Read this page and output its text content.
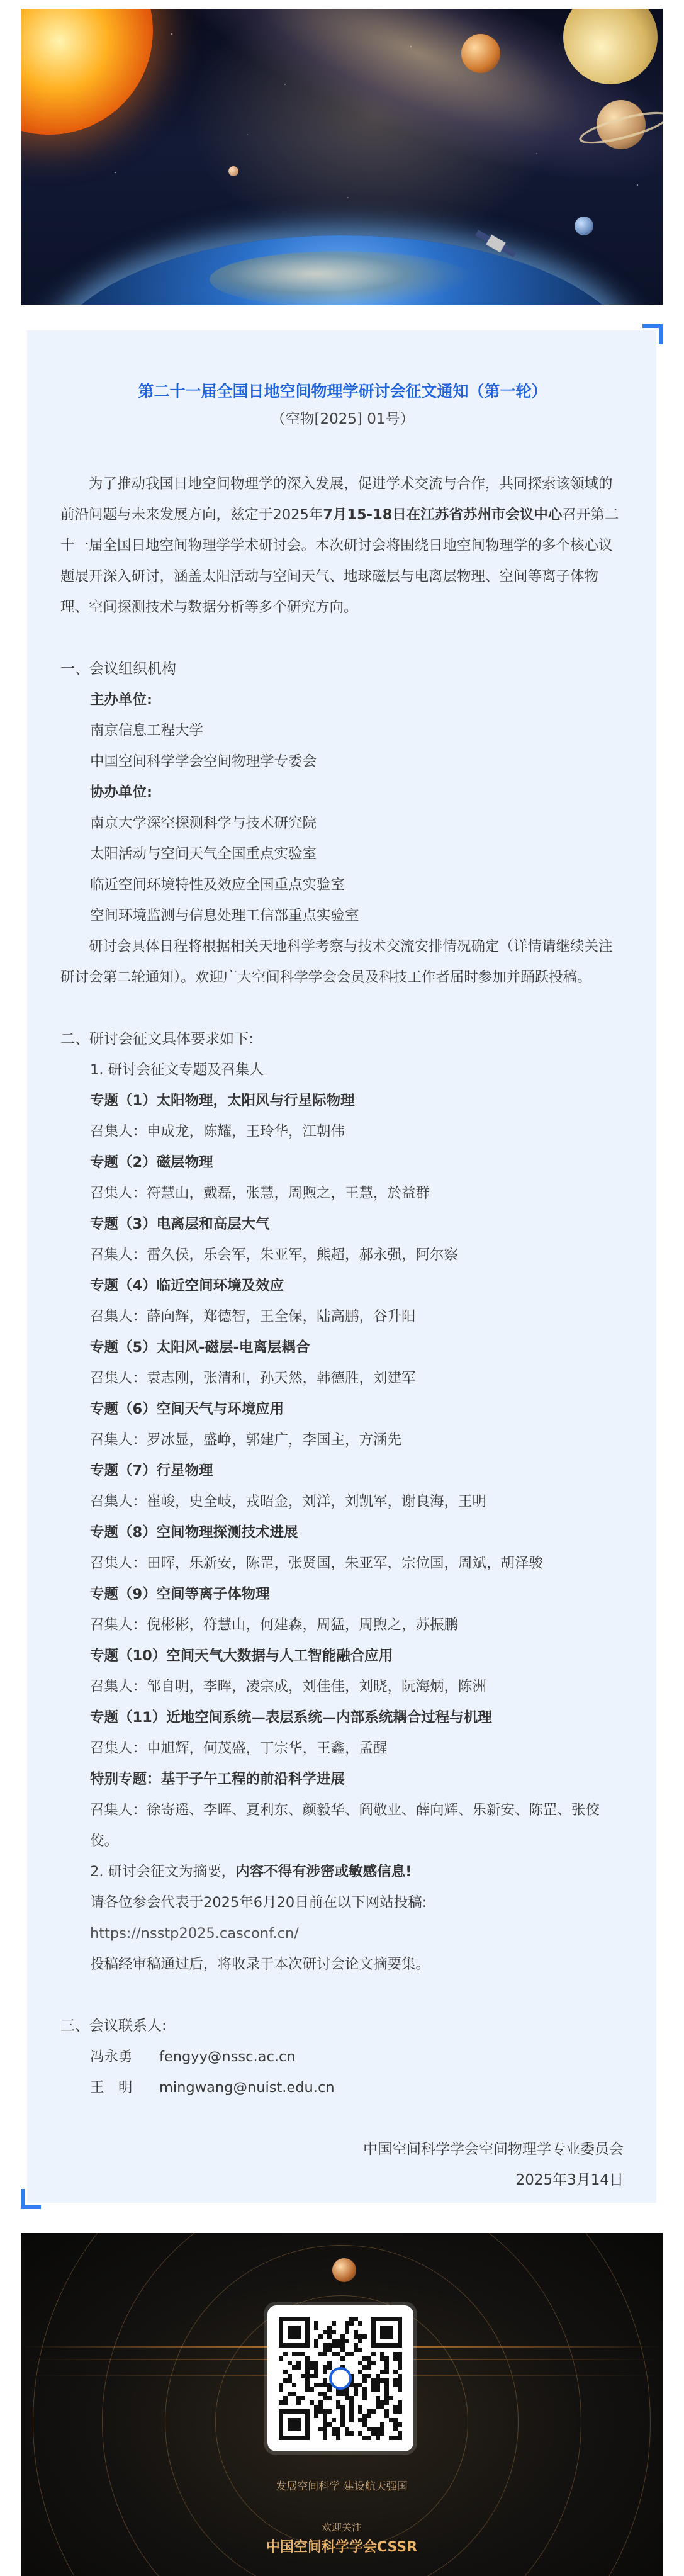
第二十一届全国日地空间物理学研讨会征文通知（第一轮）

（空物[2025] 01号）

为了推动我国日地空间物理学的深入发展，促进学术交流与合作，共同探索该领域的前沿问题与未来发展方向，兹定于2025年7月15-18日在江苏省苏州市会议中心召开第二十一届全国日地空间物理学学术研讨会。本次研讨会将围绕日地空间物理学的多个核心议题展开深入研讨，涵盖太阳活动与空间天气、地球磁层与电离层物理、空间等离子体物理、空间探测技术与数据分析等多个研究方向。

一、会议组织机构
主办单位:
南京信息工程大学
中国空间科学学会空间物理学专委会
协办单位:
南京大学深空探测科学与技术研究院
太阳活动与空间天气全国重点实验室
临近空间环境特性及效应全国重点实验室
空间环境监测与信息处理工信部重点实验室

研讨会具体日程将根据相关天地科学考察与技术交流安排情况确定（详情请继续关注研讨会第二轮通知）。欢迎广大空间科学学会会员及科技工作者届时参加并踊跃投稿。

二、研讨会征文具体要求如下:
1. 研讨会征文专题及召集人
专题（1）太阳物理，太阳风与行星际物理
召集人：申成龙，陈耀，王玲华，江朝伟
专题（2）磁层物理
召集人：符慧山，戴磊，张慧，周煦之，王慧，於益群
专题（3）电离层和高层大气
召集人：雷久侯，乐会军，朱亚军，熊超，郝永强，阿尔察
专题（4）临近空间环境及效应
召集人：薛向辉，郑德智，王全保，陆高鹏，谷升阳
专题（5）太阳风-磁层-电离层耦合
召集人：袁志刚，张清和，孙天然，韩德胜，刘建军
专题（6）空间天气与环境应用
召集人：罗冰显，盛峥，郭建广，李国主，方涵先
专题（7）行星物理
召集人：崔峻，史全岐，戎昭金，刘洋，刘凯军，谢良海，王明
专题（8）空间物理探测技术进展
召集人：田晖，乐新安，陈罡，张贤国，朱亚军，宗位国，周斌，胡泽骏
专题（9）空间等离子体物理
召集人：倪彬彬，符慧山，何建森，周猛，周煦之，苏振鹏
专题（10）空间天气大数据与人工智能融合应用
召集人：邹自明，李晖，凌宗成，刘佳佳，刘晓，阮海炳，陈洲
专题（11）近地空间系统—表层系统—内部系统耦合过程与机理
召集人：申旭辉，何茂盛，丁宗华，王鑫，孟醒
特别专题：基于子午工程的前沿科学进展
召集人：徐寄遥、李晖、夏利东、颜毅华、阎敬业、薛向辉、乐新安、陈罡、张佼佼。
2. 研讨会征文为摘要，内容不得有涉密或敏感信息!
请各位参会代表于2025年6月20日前在以下网站投稿:
https://nsstp2025.casconf.cn/
投稿经审稿通过后，将收录于本次研讨会论文摘要集。
三、会议联系人:
冯永勇 fengyy@nssc.ac.cn
王　明 mingwang@nuist.edu.cn
中国空间科学学会空间物理学专业委员会
2025年3月14日
发展空间科学 建设航天强国
欢迎关注
中国空间科学学会CSSR
